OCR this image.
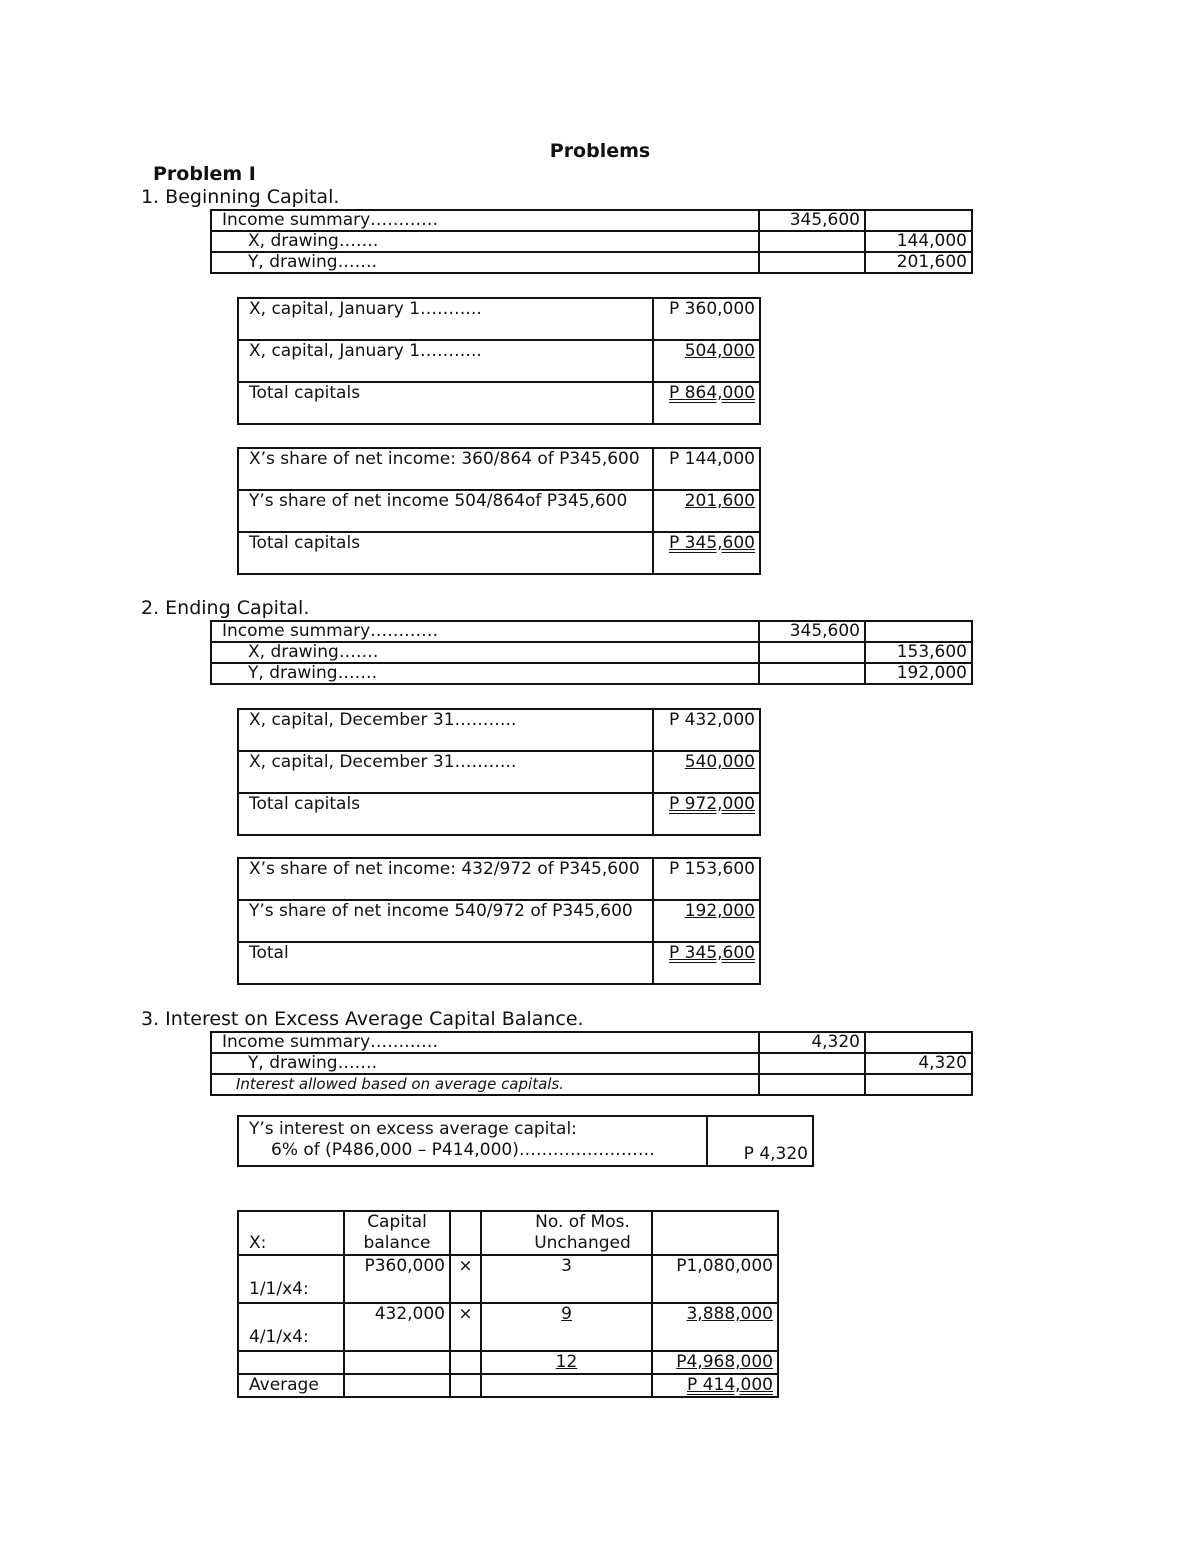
Problems
Problem I
1. Beginning Capital.
Income summary…………	345,600	
X, drawing…….		144,000
Y, drawing…….		201,600
X, capital, January 1………..	P 360,000
X, capital, January 1………..	504,000
Total capitals	P 864,000
X’s share of net income: 360/864 of P345,600	P 144,000
Y’s share of net income 504/864of P345,600	201,600
Total capitals	P 345,600
2. Ending Capital.
Income summary…………	345,600	
X, drawing…….		153,600
Y, drawing…….		192,000
X, capital, December 31………..	P 432,000
X, capital, December 31………..	540,000
Total capitals	P 972,000
X’s share of net income: 432/972 of P345,600	P 153,600
Y’s share of net income 540/972 of P345,600	192,000
Total	P 345,600
3. Interest on Excess Average Capital Balance.
Income summary…………	4,320	
Y, drawing…….		4,320
Interest allowed based on average capitals.		
Y’s interest on excess average capital:
6% of (P486,000 – P414,000)……………………	P 4,320
X:	Capital balance		No. of Mos. Unchanged	
1/1/x4:	P360,000	×	3	P1,080,000
4/1/x4:	432,000	×	9	3,888,000
			12	P4,968,000
Average				P 414,000
